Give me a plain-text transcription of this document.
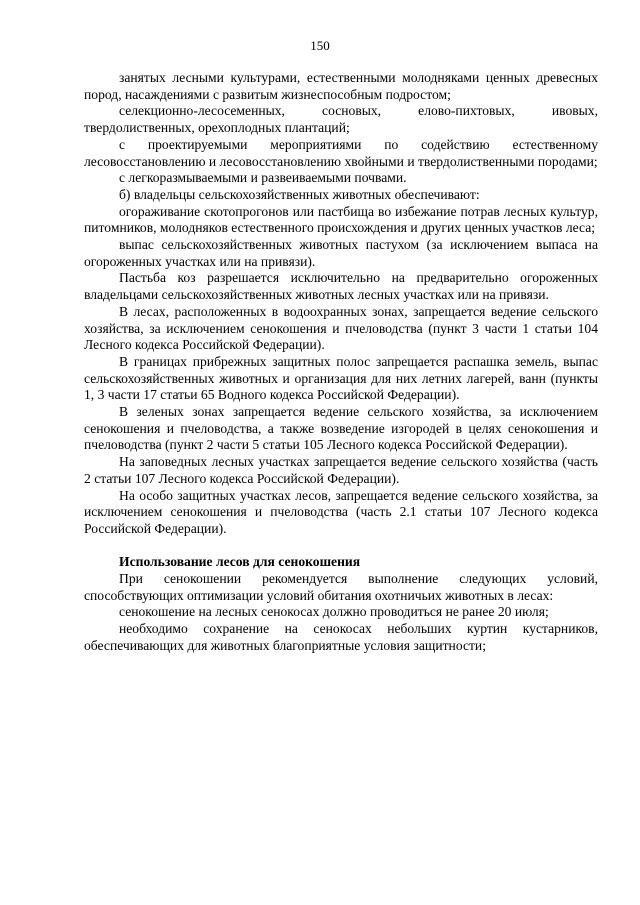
150

занятых лесными культурами, естественными молодняками ценных древесных пород, насаждениями с развитым жизнеспособным подростом;

селекционно-лесосеменных, сосновых, елово-пихтовых, ивовых, твердолиственных, орехоплодных плантаций;

с проектируемыми мероприятиями по содействию естественному лесовосстановлению и лесовосстановлению хвойными и твердолиственными породами;

с легкоразмываемыми и развеиваемыми почвами.

б) владельцы сельскохозяйственных животных обеспечивают:

огораживание скотопрогонов или пастбища во избежание потрав лесных культур, питомников, молодняков естественного происхождения и других ценных участков леса;

выпас сельскохозяйственных животных пастухом (за исключением выпаса на огороженных участках или на привязи).

Пастьба коз разрешается исключительно на предварительно огороженных владельцами сельскохозяйственных животных лесных участках или на привязи.

В лесах, расположенных в водоохранных зонах, запрещается ведение сельского хозяйства, за исключением сенокошения и пчеловодства (пункт 3 части 1 статьи 104 Лесного кодекса Российской Федерации).

В границах прибрежных защитных полос запрещается распашка земель, выпас сельскохозяйственных животных и организация для них летних лагерей, ванн (пункты 1, 3 части 17 статьи 65 Водного кодекса Российской Федерации).

В зеленых зонах запрещается ведение сельского хозяйства, за исключением сенокошения и пчеловодства, а также возведение изгородей в целях сенокошения и пчеловодства (пункт 2 части 5 статьи 105 Лесного кодекса Российской Федерации).

На заповедных лесных участках запрещается ведение сельского хозяйства (часть 2 статьи 107 Лесного кодекса Российской Федерации).

На особо защитных участках лесов, запрещается ведение сельского хозяйства, за исключением сенокошения и пчеловодства (часть 2.1 статьи 107 Лесного кодекса Российской Федерации).

Использование лесов для сенокошения

При сенокошении рекомендуется выполнение следующих условий, способствующих оптимизации условий обитания охотничьих животных в лесах:

сенокошение на лесных сенокосах должно проводиться не ранее 20 июля;

необходимо сохранение на сенокосах небольших куртин кустарников, обеспечивающих для животных благоприятные условия защитности;
